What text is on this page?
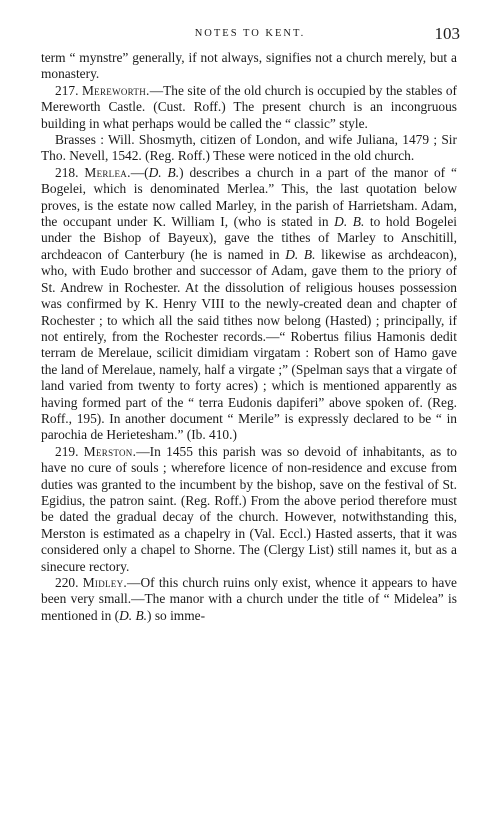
NOTES TO KENT.	103

term “ mynstre” generally, if not always, signifies not a church merely, but a monastery.

217. Mereworth.—The site of the old church is occupied by the stables of Mereworth Castle. (Cust. Roff.) The present church is an incongruous building in what perhaps would be called the “ classic” style.

Brasses : Will. Shosmyth, citizen of London, and wife Juliana, 1479 ; Sir Tho. Nevell, 1542. (Reg. Roff.) These were noticed in the old church.

218. Merlea.—(D. B.) describes a church in a part of the manor of “ Bogelei, which is denominated Merlea.” This, the last quotation below proves, is the estate now called Marley, in the parish of Harrietsham. Adam, the occupant under K. William I, (who is stated in D. B. to hold Bogelei under the Bishop of Bayeux), gave the tithes of Marley to Anschitill, archdeacon of Canterbury (he is named in D. B. likewise as archdeacon), who, with Eudo brother and successor of Adam, gave them to the priory of St. Andrew in Rochester. At the dissolution of religious houses possession was confirmed by K. Henry VIII to the newly-created dean and chapter of Rochester ; to which all the said tithes now belong (Hasted) ; principally, if not entirely, from the Rochester records.—“ Robertus filius Hamonis dedit terram de Merelaue, scilicit dimidiam virgatam : Robert son of Hamo gave the land of Merelaue, namely, half a virgate ;” (Spelman says that a virgate of land varied from twenty to forty acres) ; which is mentioned apparently as having formed part of the “ terra Eudonis dapiferi” above spoken of. (Reg. Roff., 195). In another document “ Merile” is expressly declared to be “ in parochia de Herietesham.” (Ib. 410.)

219. Merston.—In 1455 this parish was so devoid of inhabitants, as to have no cure of souls ; wherefore licence of non-residence and excuse from duties was granted to the incumbent by the bishop, save on the festival of St. Egidius, the patron saint. (Reg. Roff.) From the above period therefore must be dated the gradual decay of the church. However, notwithstanding this, Merston is estimated as a chapelry in (Val. Eccl.) Hasted asserts, that it was considered only a chapel to Shorne. The (Clergy List) still names it, but as a sinecure rectory.

220. Midley.—Of this church ruins only exist, whence it appears to have been very small.—The manor with a church under the title of “ Midelea” is mentioned in (D. B.) so imme-
